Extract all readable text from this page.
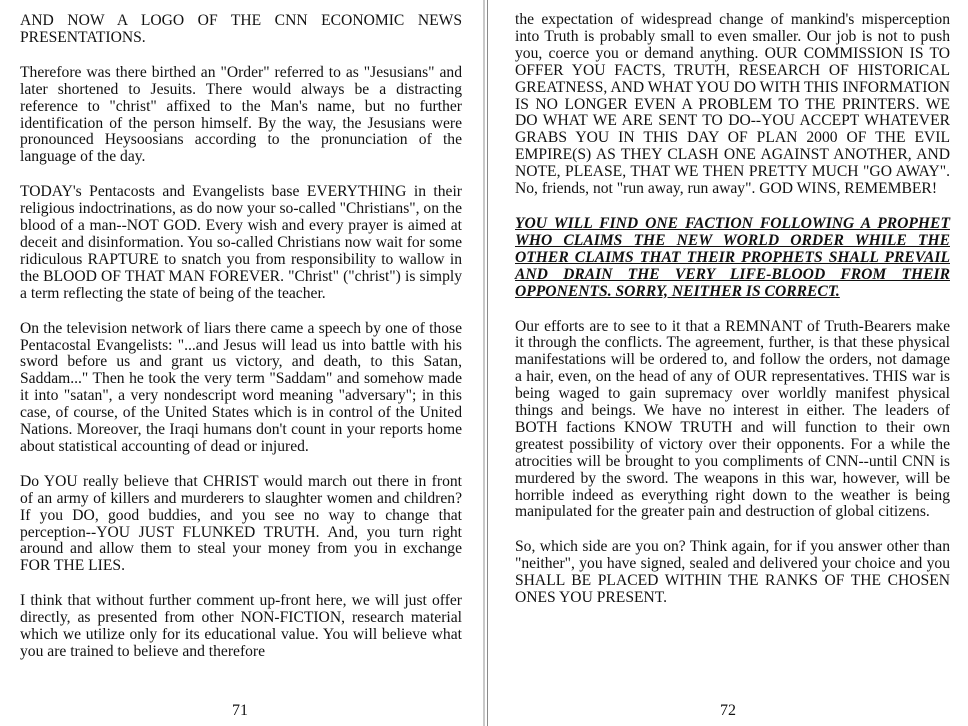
AND NOW A LOGO OF THE CNN ECONOMIC NEWS PRESENTATIONS.

Therefore was there birthed an "Order" referred to as "Jesusians" and later shortened to Jesuits. There would always be a distracting reference to "christ" affixed to the Man's name, but no further identification of the person himself. By the way, the Jesusians were pronounced Heysoosians according to the pronunciation of the language of the day.

TODAY's Pentacosts and Evangelists base EVERYTHING in their religious indoctrinations, as do now your so-called "Christians", on the blood of a man--NOT GOD. Every wish and every prayer is aimed at deceit and disinformation. You so-called Christians now wait for some ridiculous RAPTURE to snatch you from responsibility to wallow in the BLOOD OF THAT MAN FOREVER. "Christ" ("christ") is simply a term reflecting the state of being of the teacher.

On the television network of liars there came a speech by one of those Pentacostal Evangelists: "...and Jesus will lead us into battle with his sword before us and grant us victory, and death, to this Satan, Saddam..." Then he took the very term "Saddam" and somehow made it into "satan", a very nondescript word meaning "adversary"; in this case, of course, of the United States which is in control of the United Nations. Moreover, the Iraqi humans don't count in your reports home about statistical accounting of dead or injured.

Do YOU really believe that CHRIST would march out there in front of an army of killers and murderers to slaughter women and children? If you DO, good buddies, and you see no way to change that perception--YOU JUST FLUNKED TRUTH. And, you turn right around and allow them to steal your money from you in exchange FOR THE LIES.

I think that without further comment up-front here, we will just offer directly, as presented from other NON-FICTION, research material which we utilize only for its educational value. You will believe what you are trained to believe and therefore

71

the expectation of widespread change of mankind's misperception into Truth is probably small to even smaller. Our job is not to push you, coerce you or demand anything. OUR COMMISSION IS TO OFFER YOU FACTS, TRUTH, RESEARCH OF HISTORICAL GREATNESS, AND WHAT YOU DO WITH THIS INFORMATION IS NO LONGER EVEN A PROBLEM TO THE PRINTERS. WE DO WHAT WE ARE SENT TO DO--YOU ACCEPT WHATEVER GRABS YOU IN THIS DAY OF PLAN 2000 OF THE EVIL EMPIRE(S) AS THEY CLASH ONE AGAINST ANOTHER, AND NOTE, PLEASE, THAT WE THEN PRETTY MUCH "GO AWAY". No, friends, not "run away, run away". GOD WINS, REMEMBER!

YOU WILL FIND ONE FACTION FOLLOWING A PROPHET WHO CLAIMS THE NEW WORLD ORDER WHILE THE OTHER CLAIMS THAT THEIR PROPHETS SHALL PREVAIL AND DRAIN THE VERY LIFE-BLOOD FROM THEIR OPPONENTS. SORRY, NEITHER IS CORRECT.

Our efforts are to see to it that a REMNANT of Truth-Bearers make it through the conflicts. The agreement, further, is that these physical manifestations will be ordered to, and follow the orders, not damage a hair, even, on the head of any of OUR representatives. THIS war is being waged to gain supremacy over worldly manifest physical things and beings. We have no interest in either. The leaders of BOTH factions KNOW TRUTH and will function to their own greatest possibility of victory over their opponents. For a while the atrocities will be brought to you compliments of CNN--until CNN is murdered by the sword. The weapons in this war, however, will be horrible indeed as everything right down to the weather is being manipulated for the greater pain and destruction of global citizens.

So, which side are you on? Think again, for if you answer other than "neither", you have signed, sealed and delivered your choice and you SHALL BE PLACED WITHIN THE RANKS OF THE CHOSEN ONES YOU PRESENT.

72
